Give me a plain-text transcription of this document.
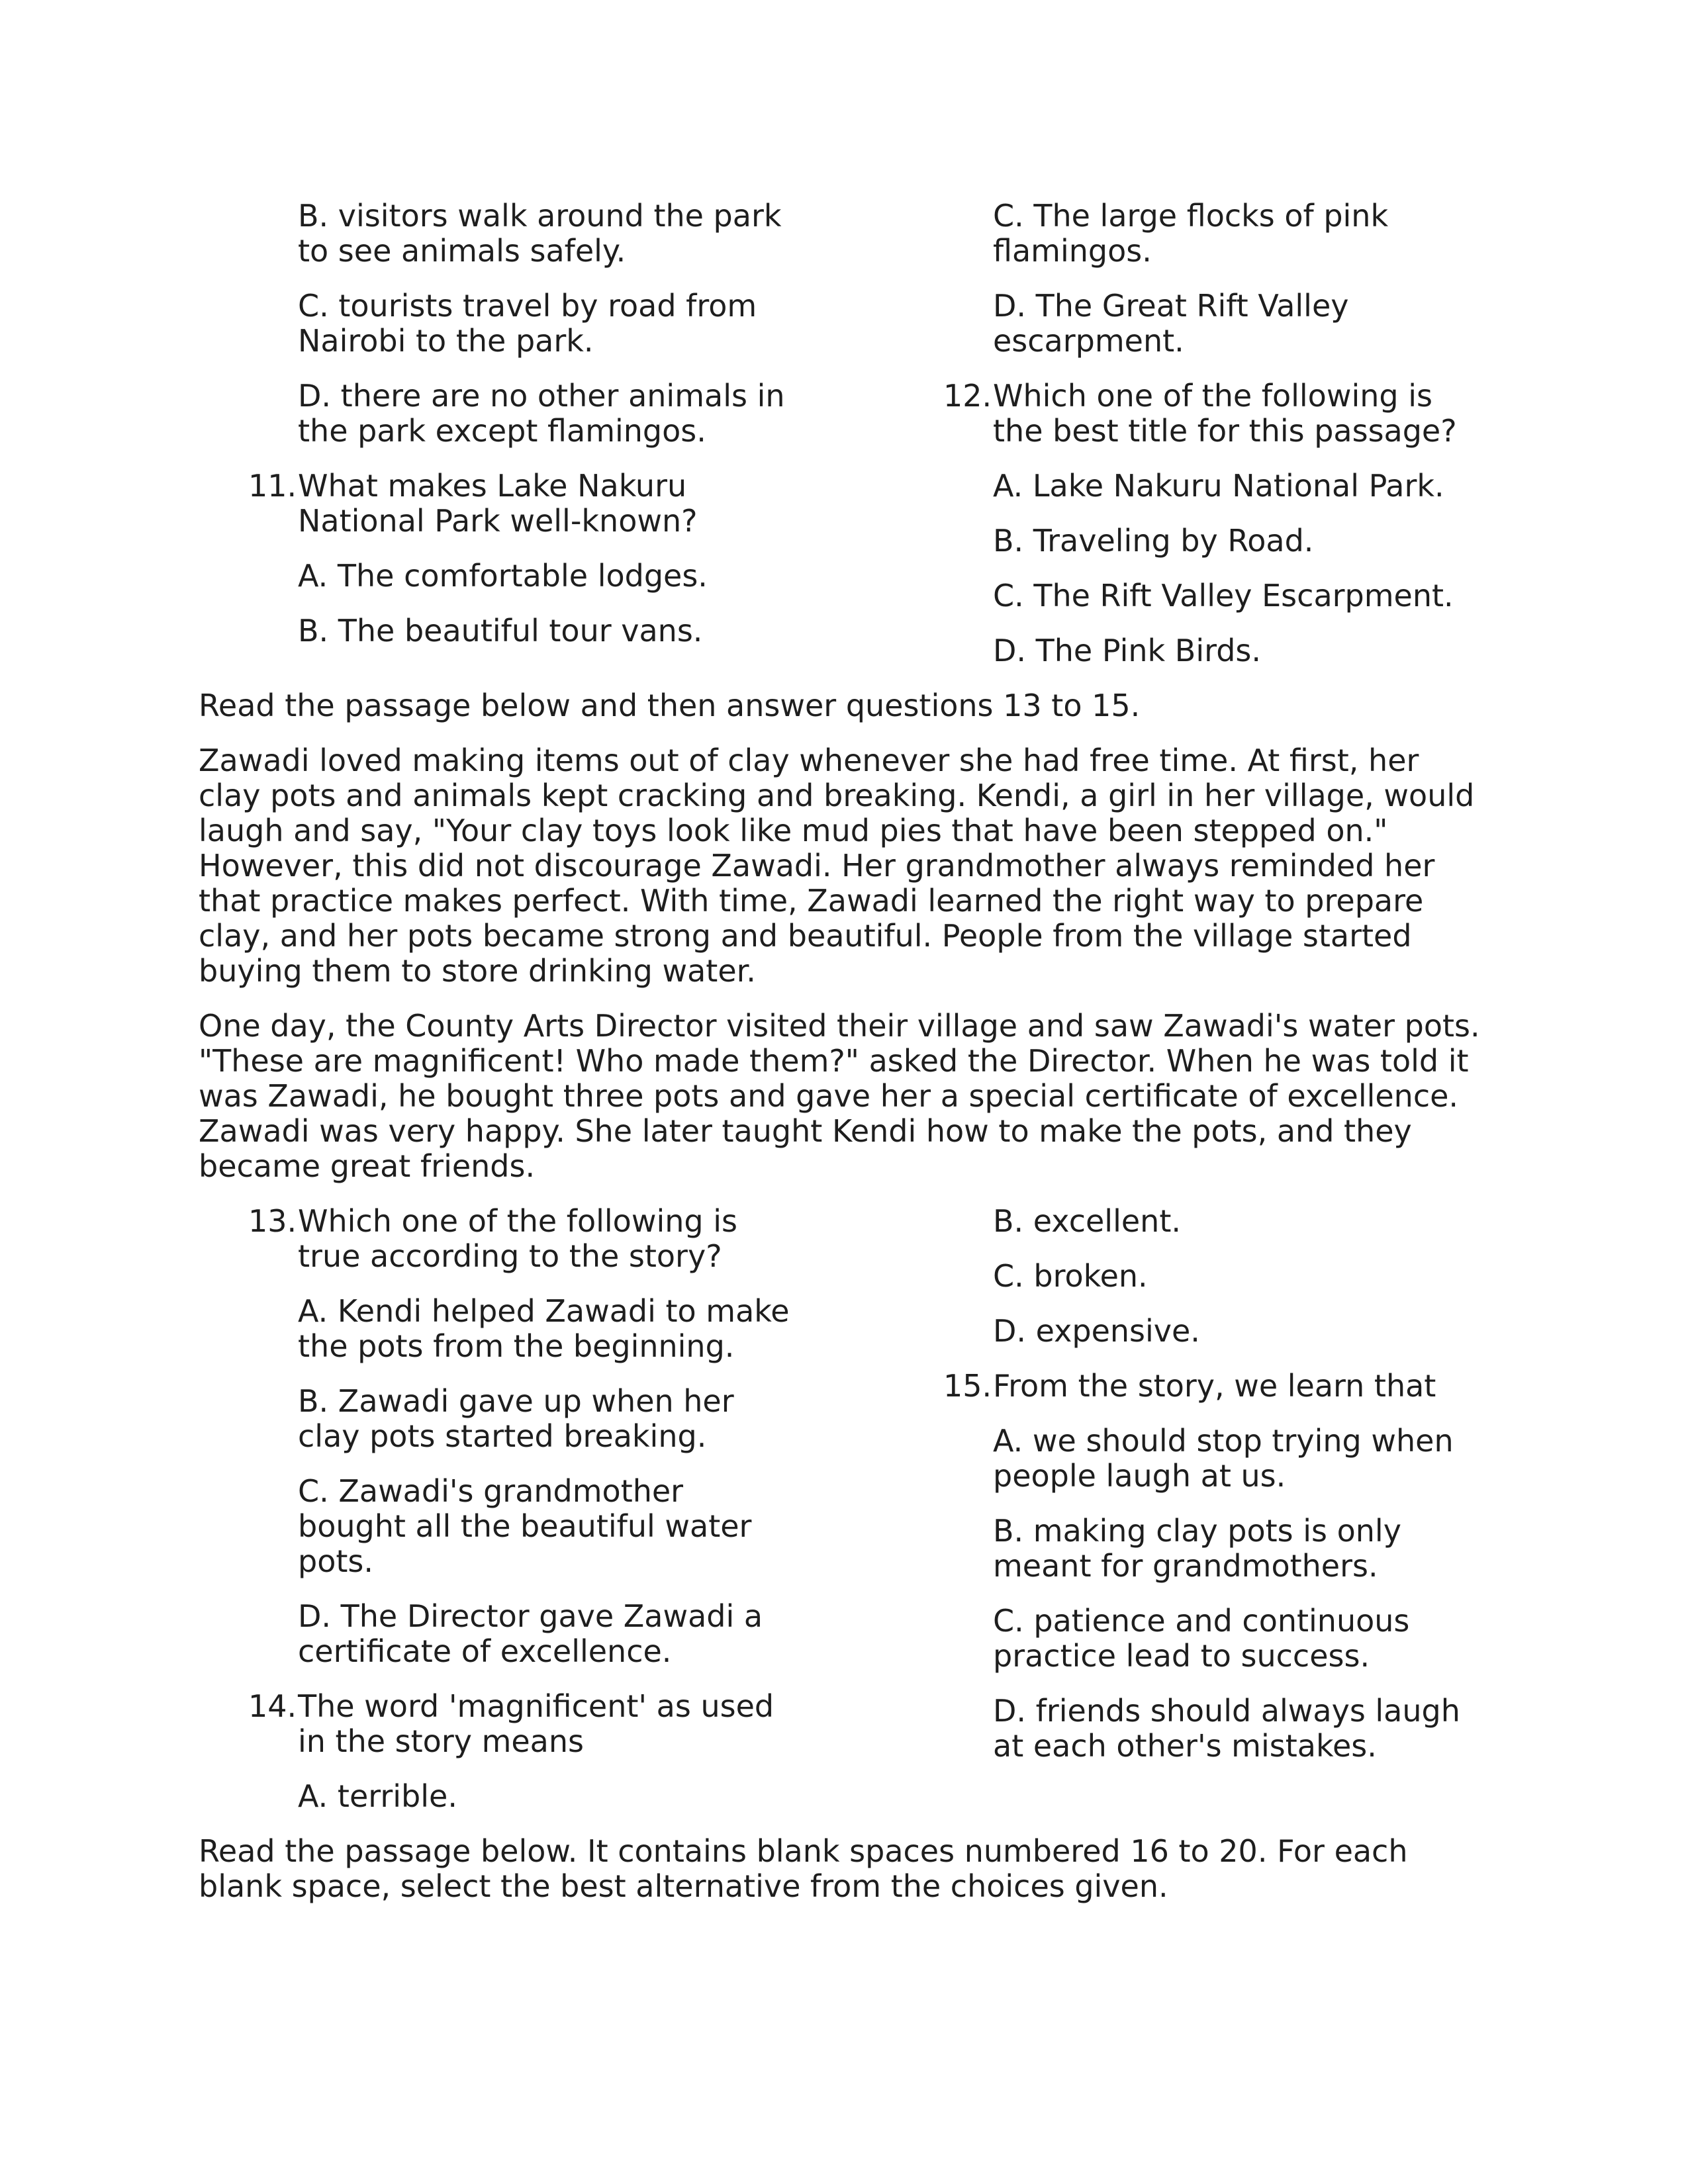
B. visitors walk around the park to see animals safely.
C. tourists travel by road from Nairobi to the park.
D. there are no other animals in the park except flamingos.
11. What makes Lake Nakuru National Park well-known?
A. The comfortable lodges.
B. The beautiful tour vans.
C. The large flocks of pink flamingos.
D. The Great Rift Valley escarpment.
12. Which one of the following is the best title for this passage?
A. Lake Nakuru National Park.
B. Traveling by Road.
C. The Rift Valley Escarpment.
D. The Pink Birds.

Read the passage below and then answer questions 13 to 15.

Zawadi loved making items out of clay whenever she had free time. At first, her clay pots and animals kept cracking and breaking. Kendi, a girl in her village, would laugh and say, "Your clay toys look like mud pies that have been stepped on." However, this did not discourage Zawadi. Her grandmother always reminded her that practice makes perfect. With time, Zawadi learned the right way to prepare clay, and her pots became strong and beautiful. People from the village started buying them to store drinking water.

One day, the County Arts Director visited their village and saw Zawadi's water pots. "These are magnificent! Who made them?" asked the Director. When he was told it was Zawadi, he bought three pots and gave her a special certificate of excellence. Zawadi was very happy. She later taught Kendi how to make the pots, and they became great friends.

13. Which one of the following is true according to the story?
A. Kendi helped Zawadi to make the pots from the beginning.
B. Zawadi gave up when her clay pots started breaking.
C. Zawadi's grandmother bought all the beautiful water pots.
D. The Director gave Zawadi a certificate of excellence.
14. The word 'magnificent' as used in the story means
A. terrible.
B. excellent.
C. broken.
D. expensive.
15. From the story, we learn that
A. we should stop trying when people laugh at us.
B. making clay pots is only meant for grandmothers.
C. patience and continuous practice lead to success.
D. friends should always laugh at each other's mistakes.

Read the passage below. It contains blank spaces numbered 16 to 20. For each blank space, select the best alternative from the choices given.
